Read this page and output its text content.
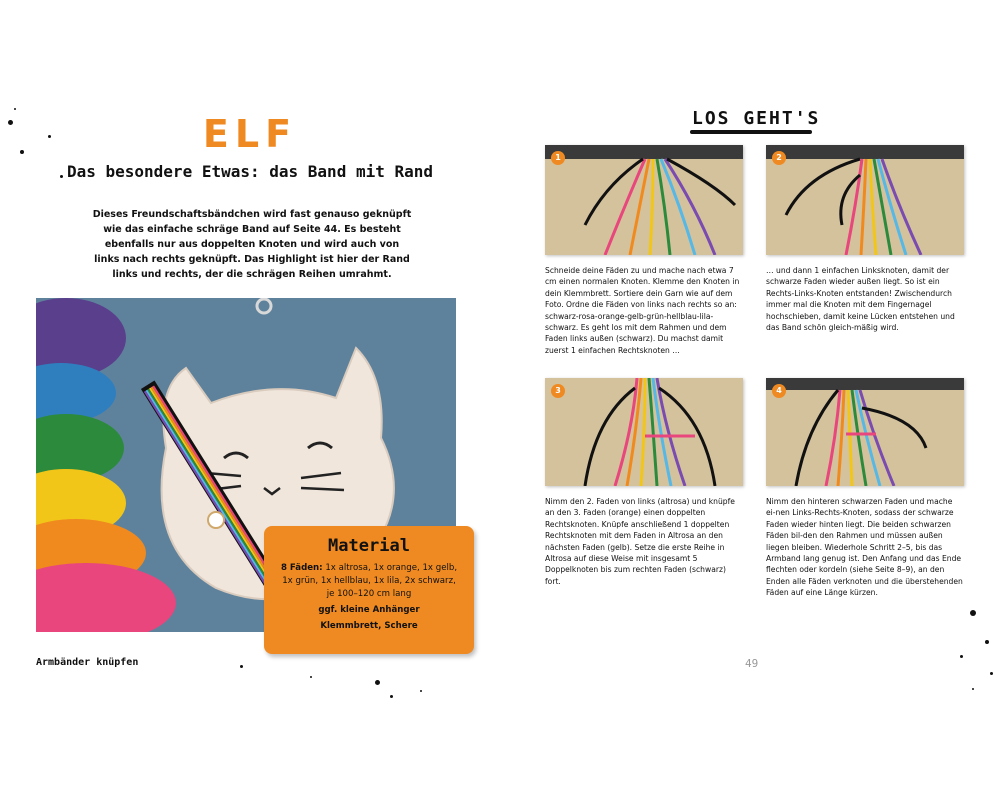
ELF
Das besondere Etwas: das Band mit Rand
Dieses Freundschaftsbändchen wird fast genauso geknüpft wie das einfache schräge Band auf Seite 44. Es besteht ebenfalls nur aus doppelten Knoten und wird auch von links nach rechts geknüpft. Das Highlight ist hier der Rand links und rechts, der die schrägen Reihen umrahmt.
Material
8 Fäden: 1x altrosa, 1x orange, 1x gelb, 1x grün, 1x hellblau, 1x lila, 2x schwarz,
je 100–120 cm lang
ggf. kleine Anhänger
Klemmbrett, Schere
Armbänder knüpfen
LOS GEHT'S
1
Schneide deine Fäden zu und mache nach etwa 7 cm einen normalen Knoten. Klemme den Knoten in dein Klemmbrett. Sortiere dein Garn wie auf dem Foto. Ordne die Fäden von links nach rechts so an: schwarz-rosa-orange-gelb-grün-hellblau-lila-schwarz. Es geht los mit dem Rahmen und dem Faden links außen (schwarz). Du machst damit zuerst 1 einfachen Rechtsknoten …
2
… und dann 1 einfachen Linksknoten, damit der schwarze Faden wieder außen liegt. So ist ein Rechts-Links-Knoten entstanden! Zwischendurch immer mal die Knoten mit dem Fingernagel hochschieben, damit keine Lücken entstehen und das Band schön gleich-mäßig wird.
3
Nimm den 2. Faden von links (altrosa) und knüpfe an den 3. Faden (orange) einen doppelten Rechtsknoten. Knüpfe anschließend 1 doppelten Rechtsknoten mit dem Faden in Altrosa an den nächsten Faden (gelb). Setze die erste Reihe in Altrosa auf diese Weise mit insgesamt 5 Doppelknoten bis zum rechten Faden (schwarz) fort.
4
Nimm den hinteren schwarzen Faden und mache ei-nen Links-Rechts-Knoten, sodass der schwarze Faden wieder hinten liegt. Die beiden schwarzen Fäden bil-den den Rahmen und müssen außen liegen bleiben. Wiederhole Schritt 2–5, bis das Armband lang genug ist. Den Anfang und das Ende flechten oder kordeln (siehe Seite 8–9), an den Enden alle Fäden verknoten und die überstehenden Fäden auf eine Länge kürzen.
49
